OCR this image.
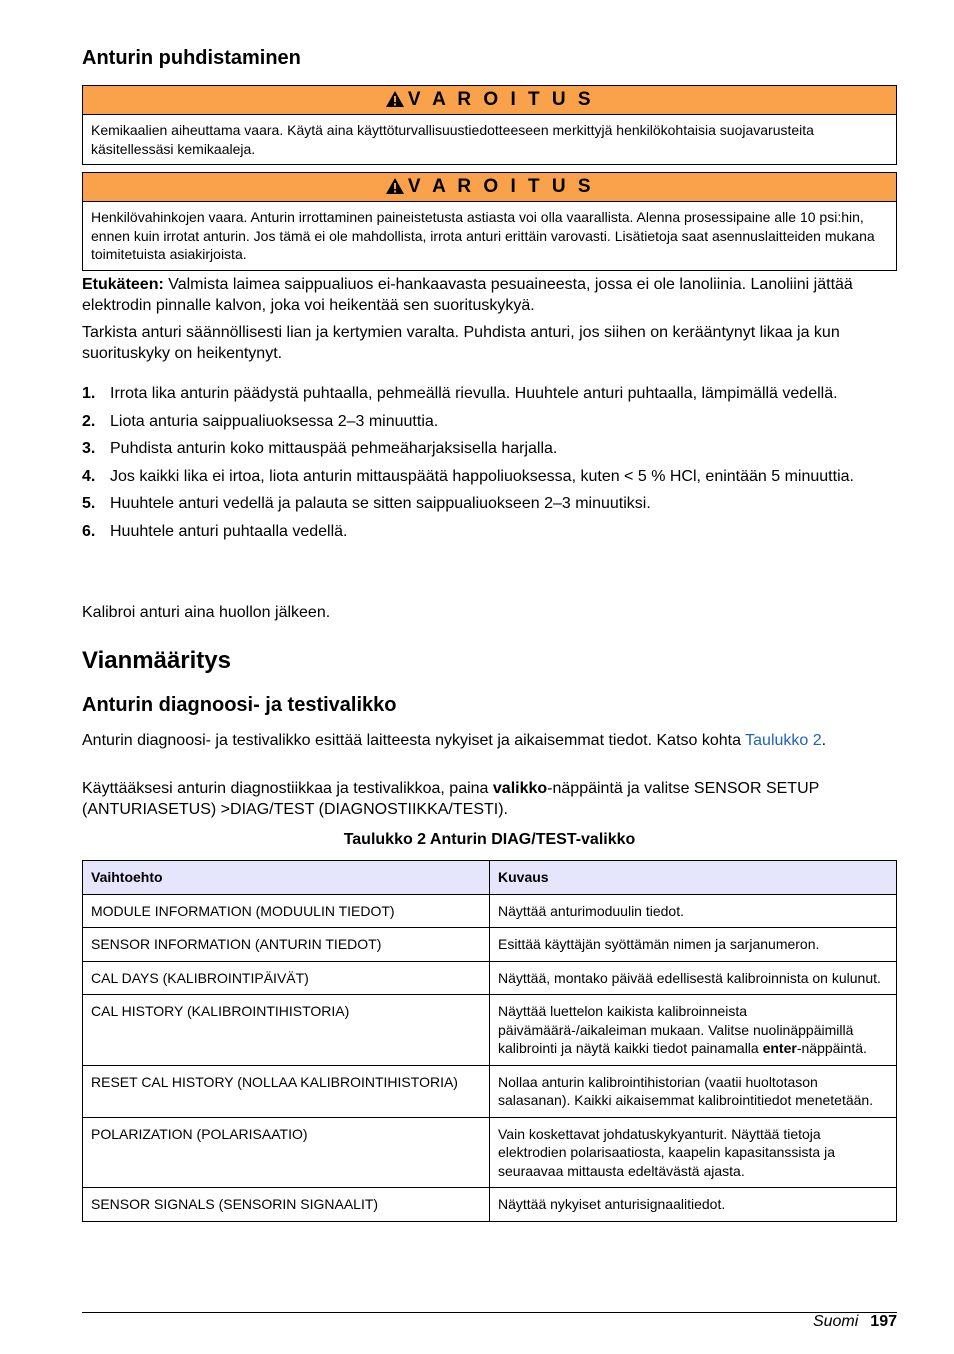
Anturin puhdistaminen
V A R O I T U S
Kemikaalien aiheuttama vaara. Käytä aina käyttöturvallisuustiedotteeseen merkittyjä henkilökohtaisia suojavarusteita käsitellessäsi kemikaaleja.
V A R O I T U S
Henkilövahinkojen vaara. Anturin irrottaminen paineistetusta astiasta voi olla vaarallista. Alenna prosessipaine alle 10 psi:hin, ennen kuin irrotat anturin. Jos tämä ei ole mahdollista, irrota anturi erittäin varovasti. Lisätietoja saat asennuslaitteiden mukana toimitetuista asiakirjoista.

Etukäteen: Valmista laimea saippualiuos ei-hankaavasta pesuaineesta, jossa ei ole lanoliinia. Lanoliini jättää elektrodin pinnalle kalvon, joka voi heikentää sen suorituskykyä.

Tarkista anturi säännöllisesti lian ja kertymien varalta. Puhdista anturi, jos siihen on kerääntynyt likaa ja kun suorituskyky on heikentynyt.

1. Irrota lika anturin päädystä puhtaalla, pehmeällä rievulla. Huuhtele anturi puhtaalla, lämpimällä vedellä.
2. Liota anturia saippualiuoksessa 2–3 minuuttia.
3. Puhdista anturin koko mittauspää pehmeäharjaksisella harjalla.
4. Jos kaikki lika ei irtoa, liota anturin mittauspäätä happoliuoksessa, kuten < 5 % HCl, enintään 5 minuuttia.
5. Huuhtele anturi vedellä ja palauta se sitten saippualiuokseen 2–3 minuutiksi.
6. Huuhtele anturi puhtaalla vedellä.

Kalibroi anturi aina huollon jälkeen.

Vianmääritys
Anturin diagnoosi- ja testivalikko

Anturin diagnoosi- ja testivalikko esittää laitteesta nykyiset ja aikaisemmat tiedot. Katso kohta Taulukko 2.

Käyttääksesi anturin diagnostiikkaa ja testivalikkoa, paina valikko-näppäintä ja valitse SENSOR SETUP (ANTURIASETUS) >DIAG/TEST (DIAGNOSTIIKKA/TESTI).

Taulukko 2 Anturin DIAG/TEST-valikko
Vaihtoehto	Kuvaus
MODULE INFORMATION (MODUULIN TIEDOT)	Näyttää anturimoduulin tiedot.
SENSOR INFORMATION (ANTURIN TIEDOT)	Esittää käyttäjän syöttämän nimen ja sarjanumeron.
CAL DAYS (KALIBROINTIPÄIVÄT)	Näyttää, montako päivää edellisestä kalibroinnista on kulunut.
CAL HISTORY (KALIBROINTIHISTORIA)	Näyttää luettelon kaikista kalibroinneista päivämäärä-/aikaleiman mukaan. Valitse nuolinäppäimillä kalibrointi ja näytä kaikki tiedot painamalla enter-näppäintä.
RESET CAL HISTORY (NOLLAA KALIBROINTIHISTORIA)	Nollaa anturin kalibrointihistorian (vaatii huoltotason salasanan). Kaikki aikaisemmat kalibrointitiedot menetetään.
POLARIZATION (POLARISAATIO)	Vain koskettavat johdatuskykyanturit. Näyttää tietoja elektrodien polarisaatiosta, kaapelin kapasitanssista ja seuraavaa mittausta edeltävästä ajasta.
SENSOR SIGNALS (SENSORIN SIGNAALIT)	Näyttää nykyiset anturisignaalitiedot.
Suomi 197
